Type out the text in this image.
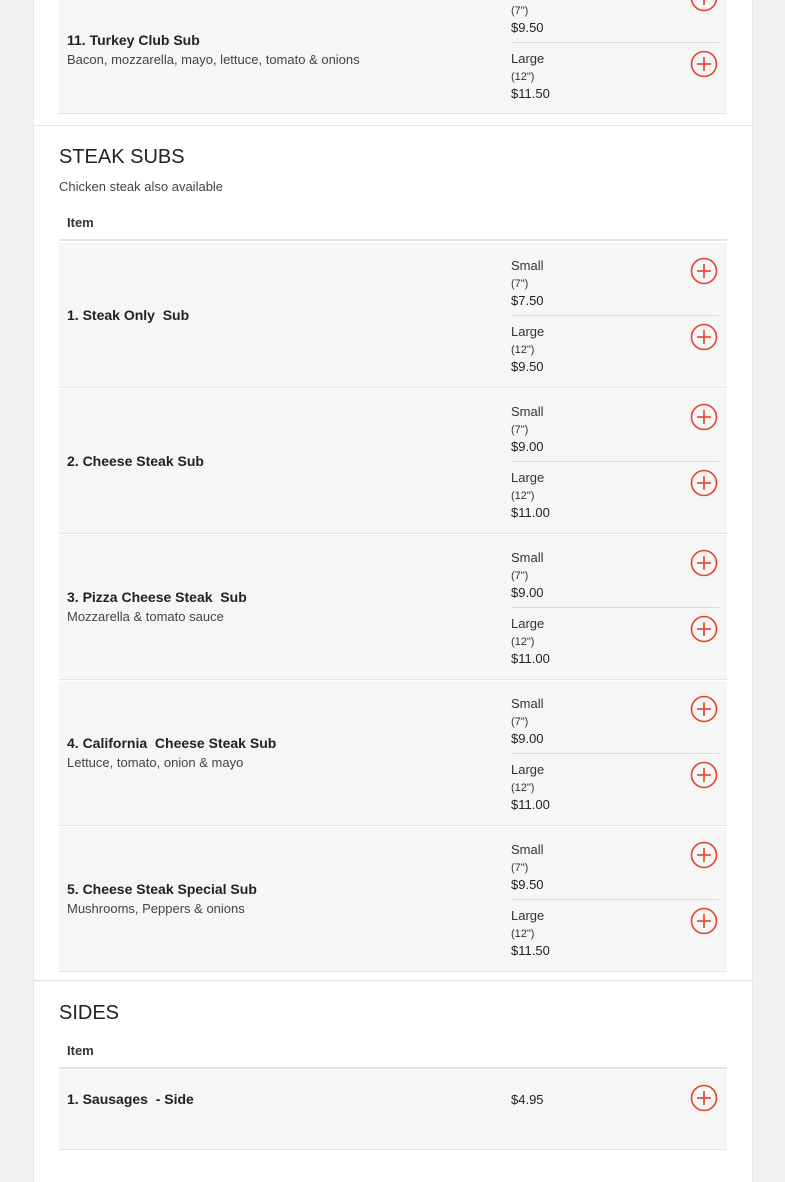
11. Turkey Club Sub
Bacon, mozzarella, mayo, lettuce, tomato & onions
(7")
$9.50
Large
(12")
$11.50
STEAK SUBS
Chicken steak also available
Item
1. Steak Only  Sub
Small
(7")
$7.50
Large
(12")
$9.50
2. Cheese Steak Sub
Small
(7")
$9.00
Large
(12")
$11.00
3. Pizza Cheese Steak  Sub
Mozzarella & tomato sauce
Small
(7")
$9.00
Large
(12")
$11.00
4. California  Cheese Steak Sub
Lettuce, tomato, onion & mayo
Small
(7")
$9.00
Large
(12")
$11.00
5. Cheese Steak Special Sub
Mushrooms, Peppers & onions
Small
(7")
$9.50
Large
(12")
$11.50
SIDES
Item
1. Sausages  - Side	$4.95
